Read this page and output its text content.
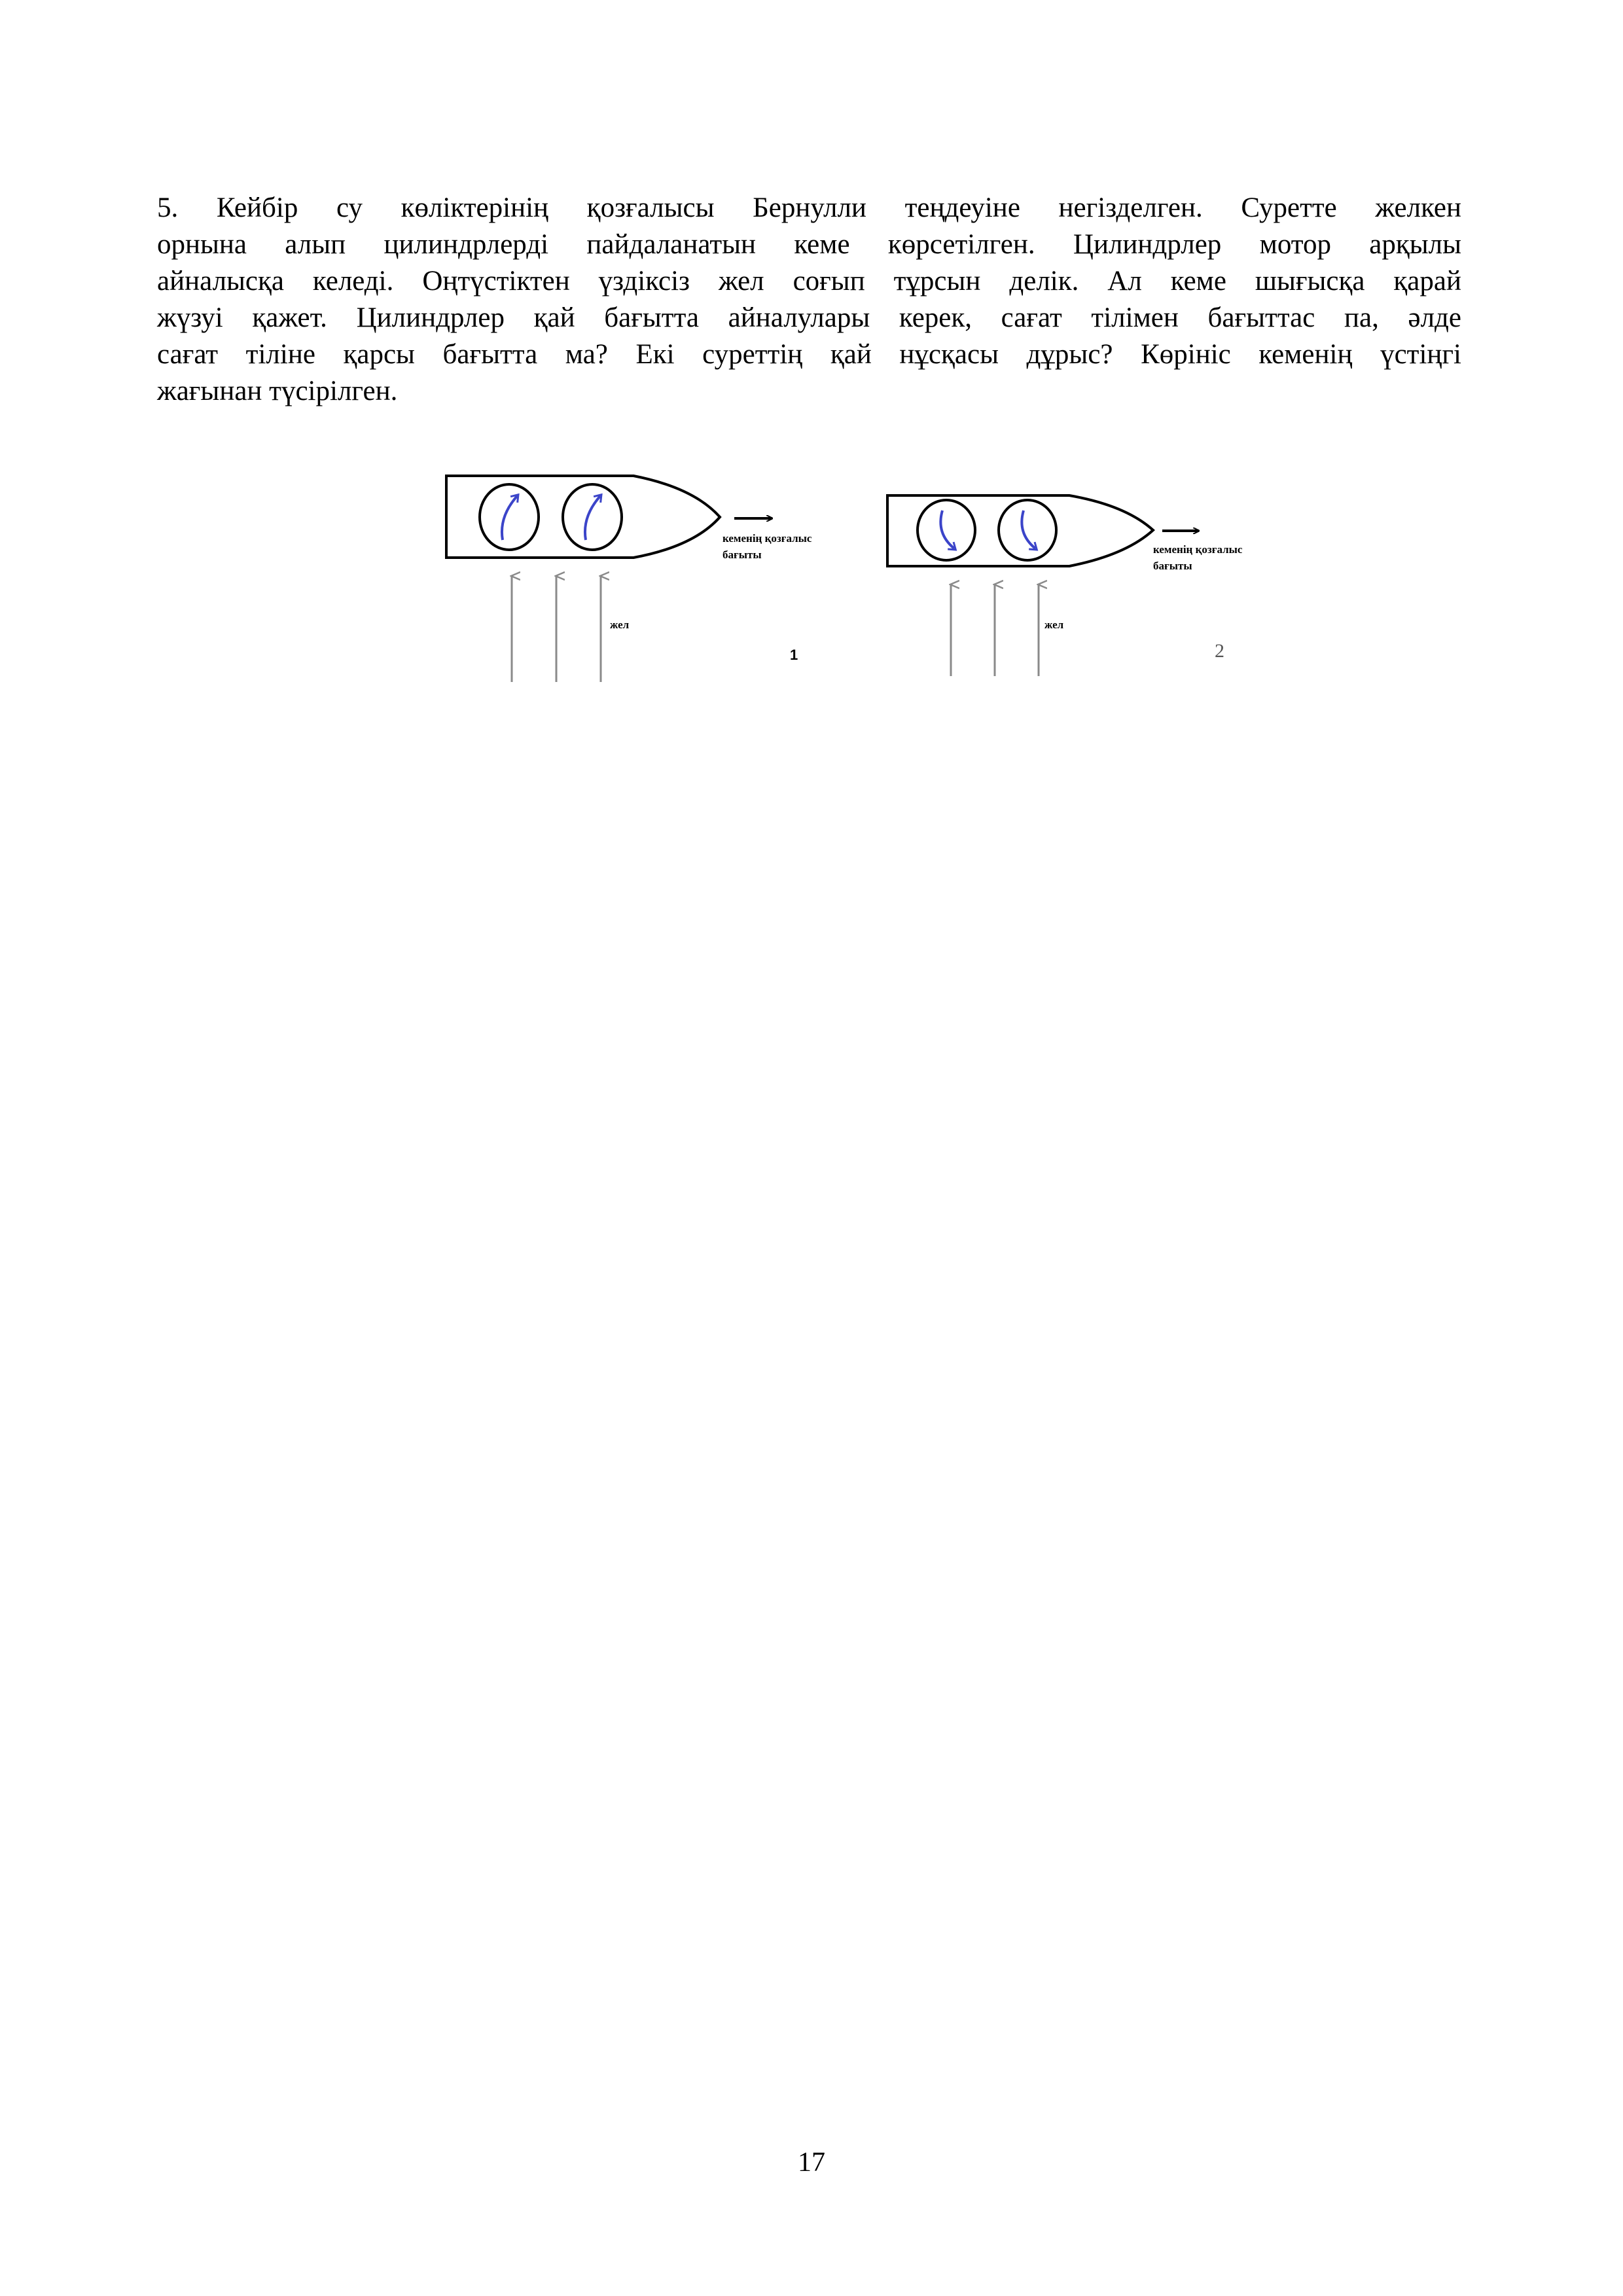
5. Кейбір су көліктерінің қозғалысы Бернулли теңдеуіне негізделген. Суретте желкен
орнына алып цилиндрлерді пайдаланатын кеме көрсетілген. Цилиндрлер мотор арқылы
айналысқа келеді. Оңтүстіктен үздіксіз жел соғып тұрсын делік. Ал кеме шығысқа қарай
жүзуі қажет. Цилиндрлер қай бағытта айналулары керек, сағат тілімен бағыттас па, әлде
сағат тіліне қарсы бағытта ма? Екі суреттің қай нұсқасы дұрыс? Көрініс кеменің үстіңгі
жағынан түсірілген.
кеменің қозғалыс
бағыты
жел
1
кеменің қозғалыс
бағыты
жел
2
17
